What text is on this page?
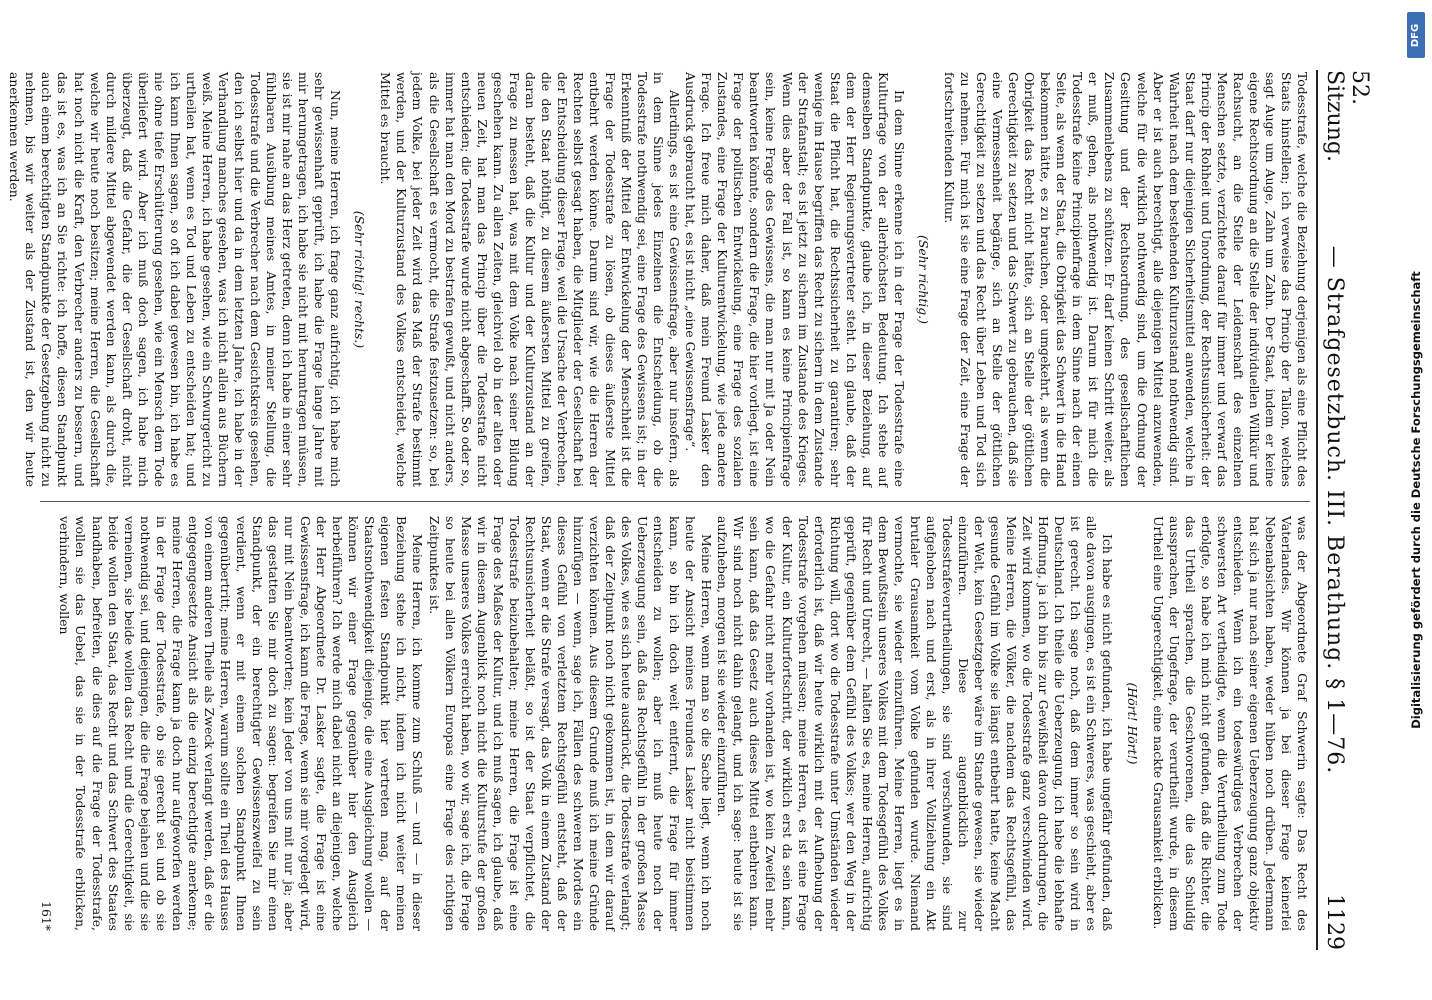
52. Sitzung.
— Strafgesetzbuch. III. Berathung. § 1—76.
1129

Todesstrafe, welche die Beziehung derjenigen als eine Pflicht des Staats hinstellen; ich verweise das Princip der Talion, welches sagt Auge um Auge, Zahn um Zahn. Der Staat, indem er keine eigene Rechtsordnung an die Stelle der individuellen Willkür und Rachsucht, an die Stelle der Leidenschaft des einzelnen Menschen setzte, verzichtete darauf für immer und verwarf das Princip der Rohheit und Unordnung, der Rechtsunsicherheit: der Staat darf nur diejenigen Sicherheitsmittel anwenden, welche in Wahrheit nach dem bestehenden Kulturzustand nothwendig sind. Aber er ist auch berechtigt, alle diejenigen Mittel anzuwenden, welche für die wirklich nothwendig sind, um die Ordnung der Gesittung und der Rechtsordnung, des gesellschaftlichen Zusammenlebens zu schützen. Er darf keinen Schritt weiter, als er muß, gehen, als nothwendig ist. Darum ist für mich die Todesstrafe keine Principienfrage in dem Sinne nach der einen Seite, als wenn der Staat, die Obrigkeit das Schwert in die Hand bekommen hätte, es zu brauchen, oder umgekehrt, als wenn die Obrigkeit das Recht nicht hätte, sich an Stelle der göttlichen Gerechtigkeit zu setzen und das Schwert zu gebrauchen, daß sie eine Vermessenheit begänge, sich an Stelle der göttlichen Gerechtigkeit zu setzen und das Recht über Leben und Tod sich zu nehmen. Für mich ist sie eine Frage der Zeit, eine Frage der fortschreitenden Kultur.

(Sehr richtig.)

In dem Sinne erkenne ich in der Frage der Todesstrafe eine Kulturfrage von der allerhöchsten Bedeutung. Ich stehe auf demselben Standpunkte, glaube ich, in dieser Beziehung, auf dem der Herr Regierungsvertreter steht. Ich glaube, daß der Staat die Pflicht hat, die Rechtssicherheit zu garantiren; sehr wenige im Hause begriffen das Recht zu sichern in dem Zustande der Strafanstalt; es ist jetzt zu sichern im Zustande des Krieges. Wenn dies aber der Fall ist, so kann es keine Principienfrage sein, keine Frage des Gewissens, die man nur mit Ja oder Nein beantworten könnte, sondern die Frage, die hier vorliegt, ist eine Frage der politischen Entwickelung, eine Frage des sozialen Zustandes, eine Frage der Kulturentwickelung, wie jede andere Frage. Ich freue mich daher, daß mein Freund Lasker den Ausdruck gebraucht hat, es ist nicht „eine Gewissensfrage“.

Allerdings, es ist eine Gewissensfrage, aber nur insofern, als in dem Sinne jedes Einzelnen die Entscheidung, ob die Todesstrafe nothwendig sei, eine Frage des Gewissens ist; in der Erkenntniß der Mittel der Entwickelung der Menschheit ist die Frage der Todesstrafe zu lösen, ob dieses äußerste Mittel entbehrt werden könne. Darum sind wir, wie die Herren der Rechten selbst gesagt haben, die Mitglieder der Gesellschaft bei der Entscheidung dieser Frage, weil die Ursache der Verbrechen, die den Staat nöthigt, zu diesem äußersten Mittel zu greifen, daran besteht, daß die Kultur und der Kulturzustand an der Frage zu messen hat, was mit dem Volke nach seiner Bildung geschehen kann. Zu allen Zeiten, gleichviel ob in der alten oder neuen Zeit, hat man das Princip über die Todesstrafe nicht entschieden; die Todesstrafe wurde nicht abgeschafft. So oder so, immer hat man den Mord zu bestrafen gewußt, und nicht anders, als die Gesellschaft es vermocht, die Strafe festzusetzen: so, bei jedem Volke, bei jeder Zeit wird das Maß der Strafe bestimmt werden, und der Kulturzustand des Volkes entscheidet, welche Mittel es braucht.

(Sehr richtig! rechts.)

Nun, meine Herren, ich frage ganz aufrichtig, ich habe mich sehr gewissenhaft geprüft, ich habe die Frage lange Jahre mit mir herumgetragen, ich habe sie nicht mit herumtragen müssen, sie ist mir nahe an das Herz getreten, denn ich habe in einer sehr fühlbaren Ausübung meines Amtes, in meiner Stellung, die Todesstrafe und die Verbrecher nach dem Gesichtskreis gesehen, den ich selbst hier und da in dem letzten Jahre, ich habe in der Verhandlung manches gesehen, was ich nicht allein aus Büchern weiß. Meine Herren, ich habe gesehen, wie ein Schwurgericht zu urtheilen hat, wenn es Tod und Leben zu entscheiden hat; und ich kann Ihnen sagen, so oft ich dabei gewesen bin, ich habe es nie ohne tiefe Erschütterung gesehen, wie ein Mensch dem Tode überliefert wird. Aber ich muß doch sagen, ich habe mich überzeugt, daß die Gefahr, die der Gesellschaft droht, nicht durch mildere Mittel abgewendet werden kann, als durch die, welche wir heute noch besitzen; meine Herren, die Gesellschaft hat noch nicht die Kraft, den Verbrecher anders zu bessern, und das ist es, was ich an Sie richte: ich hoffe, diesen Standpunkt auch einem berechtigten Standpunkte der Gesetzgebung nicht zu nehmen, bis wir weiter als der Zustand ist, den wir heute anerkennen werden.

was der Abgeordnete Graf Schwerin sagte: Das Recht des Vaterlandes. Wir können ja bei dieser Frage keinerlei Nebenabsichten haben, weder hüben noch drüben. Jedermann hat sich ja nur nach seiner eigenen Ueberzeugung ganz objektiv entschieden. Wenn ich ein todeswürdiges Verbrechen der schwersten Art vertheidigte, wenn die Verurtheilung zum Tode erfolgte, so habe ich mich nicht gefunden, daß die Richter, die das Urtheil sprachen, die Geschworenen, die das Schuldig aussprachen, der Ungefrage, der verurtheilt wurde, in diesem Urtheil eine Ungerechtigkeit, eine nackte Grausamkeit erblicken.

(Hört! Hört!)

Ich habe es nicht gefunden, ich habe ungefähr gefunden, daß alle davon ausgingen, es ist ein Schweres, was geschieht, aber es ist gerecht. Ich sage noch, daß dem immer so sein wird in Deutschland. Ich theile die Ueberzeugung, ich habe die lebhafte Hoffnung, ja ich bin bis zur Gewißheit davon durchdrungen, die Zeit wird kommen, wo die Todesstrafe ganz verschwinden wird. Meine Herren, die Völker, die nachdem das Rechtsgefühl, das gesunde Gefühl im Volke sie längst entbehrt hatte, keine Macht der Welt, kein Gesetzgeber wäre im Stande gewesen, sie wieder einzuführen. Diese augenblicklich zur Todesstrafeverurtheilungen, sie sind verschwunden, sie sind aufgehoben nach und erst, als in ihrer Vollziehung ein Akt brutaler Grausamkeit vom Volke gefunden wurde. Niemand vermochte, sie wieder einzuführen. Meine Herren, liegt es in dem Bewußtsein unseres Volkes mit dem Todesgefühl des Volkes für Recht und Unrecht, — halten Sie es, meine Herren, aufrichtig geprüft, gegenüber dem Gefühl des Volkes; wer den Weg in der Richtung will, dort wo die Todesstrafe unter Umständen wieder erforderlich ist, daß wir heute wirklich mit der Aufhebung der Todesstrafe vorgehen müssen; meine Herren, es ist eine Frage der Kultur, ein Kulturfortschritt, der wirklich erst da sein kann, wo die Gefahr nicht mehr vorhanden ist, wo kein Zweifel mehr sein kann, daß das Gesetz auch dieses Mittel entbehren kann. Wir sind noch nicht dahin gelangt, und ich sage: heute ist sie aufzuheben, morgen ist sie wieder einzuführen.

Meine Herren, wenn man so die Sache liegt, wenn ich noch heute der Ansicht meines Freundes Lasker nicht beistimmen kann, so bin ich doch weit entfernt, die Frage für immer entscheiden zu wollen; aber ich muß heute noch der Ueberzeugung sein, daß das Rechtsgefühl in der großen Masse des Volkes, wie es sich heute ausdrückt, die Todesstrafe verlangt; daß der Zeitpunkt noch nicht gekommen ist, in dem wir darauf verzichten können. Aus diesem Grunde muß ich meine Gründe hinzufügen — wenn, sage ich, Fällen des schweren Mordes ein dieses Gefühl von verletztem Rechtsgefühl entsteht, daß der Staat, wenn er die Strafe versagt, das Volk in einem Zustand der Rechtsunsicherheit beläßt, so ist der Staat verpflichtet, die Todesstrafe beizubehalten; meine Herren, die Frage ist eine Frage des Maßes der Kultur, und ich muß sagen, ich glaube, daß wir in diesem Augenblick noch nicht die Kulturstufe der großen Masse unseres Volkes erreicht haben, wo wir, sage ich, die Frage so heute bei allen Völkern Europas eine Frage des richtigen Zeitpunktes ist.

Meine Herren, ich komme zum Schluß — und — in dieser Beziehung stehe ich nicht, indem ich nicht weiter meinen eigenen festen Standpunkt hier vertreten mag, auf der Staatsnothwendigkeit diejenige, die eine Ausgleichung wollen — können wir einer Frage gegenüber hier den Ausgleich herbeiführen? Ich werde mich dabei nicht an diejenigen, welche der Herr Abgeordnete Dr. Lasker sagte, die Frage ist eine Gewissensfrage, ich kann die Frage, wenn sie mir vorgelegt wird, nur mit Nein beantworten; kein Jeder von uns mit nur ja; aber das gestatten Sie mir doch zu sagen: begreifen Sie mir einen Standpunkt, der ein berechtigter Gewissenszweifel zu sein verdient, wenn er mit einem solchen Standpunkt Ihnen gegenübertritt; meine Herren, warum sollte ein Theil des Hauses von einem anderen Theile als Zweck verlangt werden, daß er die entgegengesetzte Ansicht als die einzig berechtigte anerkenne; meine Herren, die Frage kann ja doch nur aufgeworfen werden in der Frage der Todesstrafe, ob sie gerecht sei und ob sie nothwendig sei, und diejenigen, die die Frage bejahen und die sie verneinen, sie beide wollen das Recht und die Gerechtigkeit, sie beide wollen den Staat, das Recht und das Schwert des Staates handhaben, befreiten, die dies auf die Frage der Todesstrafe, wollen sie das Uebel, das sie in der Todesstrafe erblicken, verhindern, wollen

161*

DFG
Digitalisierung gefördert durch die Deutsche Forschungsgemeinschaft
